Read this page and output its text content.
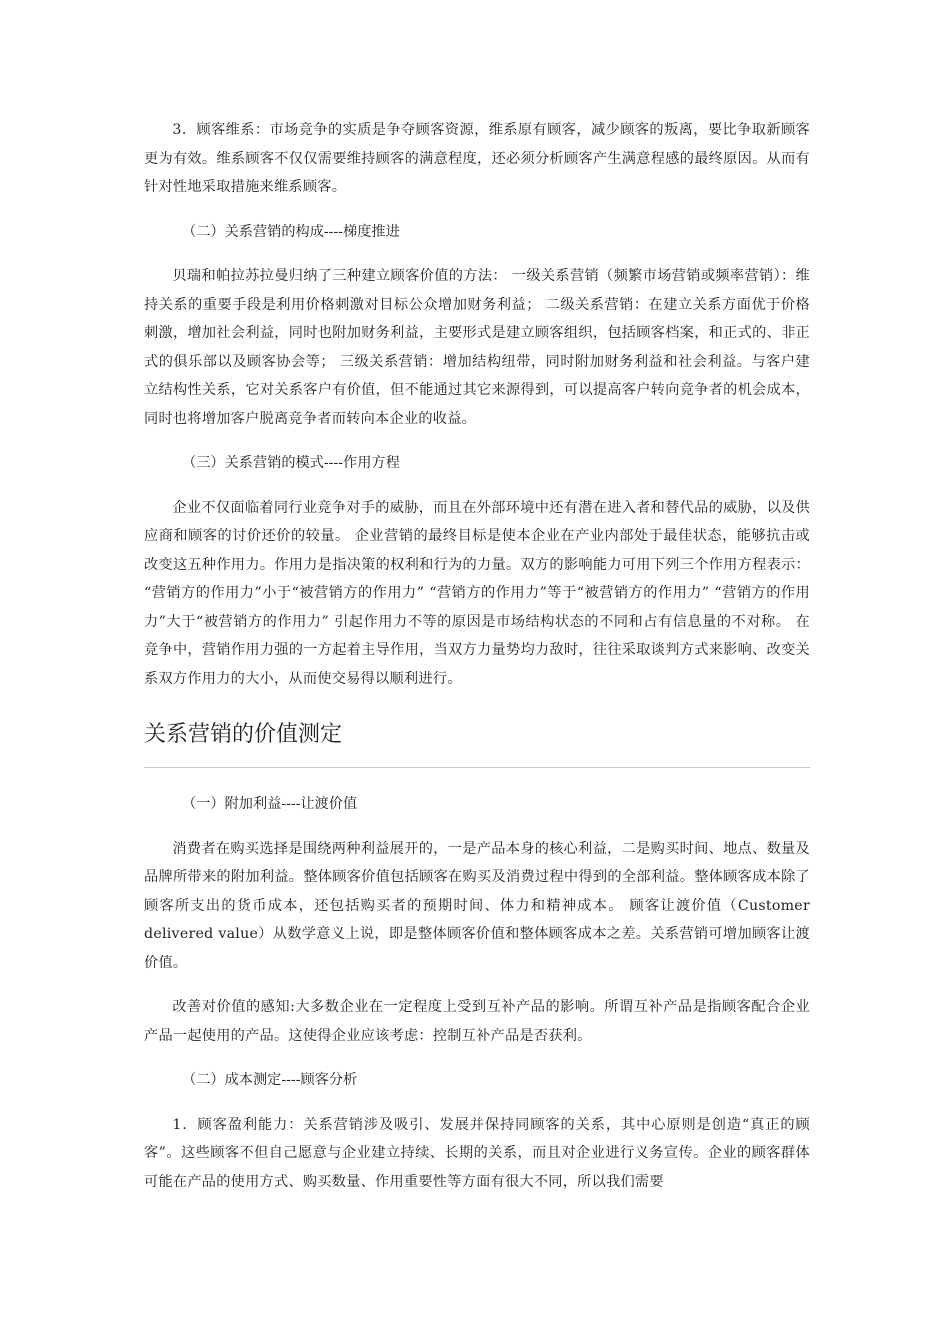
3．顾客维系：市场竞争的实质是争夺顾客资源，维系原有顾客，减少顾客的叛离，要比争取新顾客更为有效。维系顾客不仅仅需要维持顾客的满意程度，还必须分析顾客产生满意程感的最终原因。从而有针对性地采取措施来维系顾客。

（二）关系营销的构成----梯度推进

贝瑞和帕拉苏拉曼归纳了三种建立顾客价值的方法： 一级关系营销（频繁市场营销或频率营销）：维持关系的重要手段是利用价格刺激对目标公众增加财务利益； 二级关系营销：在建立关系方面优于价格刺激，增加社会利益，同时也附加财务利益，主要形式是建立顾客组织，包括顾客档案，和正式的、非正式的俱乐部以及顾客协会等； 三级关系营销：增加结构纽带，同时附加财务利益和社会利益。与客户建立结构性关系，它对关系客户有价值，但不能通过其它来源得到，可以提高客户转向竞争者的机会成本，同时也将增加客户脱离竞争者而转向本企业的收益。

（三）关系营销的模式----作用方程

企业不仅面临着同行业竞争对手的威胁，而且在外部环境中还有潜在进入者和替代品的威胁，以及供应商和顾客的讨价还价的较量。 企业营销的最终目标是使本企业在产业内部处于最佳状态，能够抗击或改变这五种作用力。作用力是指决策的权利和行为的力量。双方的影响能力可用下列三个作用方程表示： “营销方的作用力”小于“被营销方的作用力” “营销方的作用力”等于“被营销方的作用力” “营销方的作用力”大于“被营销方的作用力” 引起作用力不等的原因是市场结构状态的不同和占有信息量的不对称。 在竞争中，营销作用力强的一方起着主导作用，当双方力量势均力敌时，往往采取谈判方式来影响、改变关系双方作用力的大小，从而使交易得以顺利进行。

关系营销的价值测定

（一）附加利益----让渡价值

消费者在购买选择是围绕两种利益展开的，一是产品本身的核心利益，二是购买时间、地点、数量及品牌所带来的附加利益。整体顾客价值包括顾客在购买及消费过程中得到的全部利益。整体顾客成本除了顾客所支出的货币成本，还包括购买者的预期时间、体力和精神成本。 顾客让渡价值（Customer delivered value）从数学意义上说，即是整体顾客价值和整体顾客成本之差。关系营销可增加顾客让渡价值。

改善对价值的感知:大多数企业在一定程度上受到互补产品的影响。所谓互补产品是指顾客配合企业产品一起使用的产品。这使得企业应该考虑：控制互补产品是否获利。

（二）成本测定----顾客分析

1．顾客盈利能力：关系营销涉及吸引、发展并保持同顾客的关系，其中心原则是创造“真正的顾客”。这些顾客不但自己愿意与企业建立持续、长期的关系，而且对企业进行义务宣传。企业的顾客群体可能在产品的使用方式、购买数量、作用重要性等方面有很大不同，所以我们需要
